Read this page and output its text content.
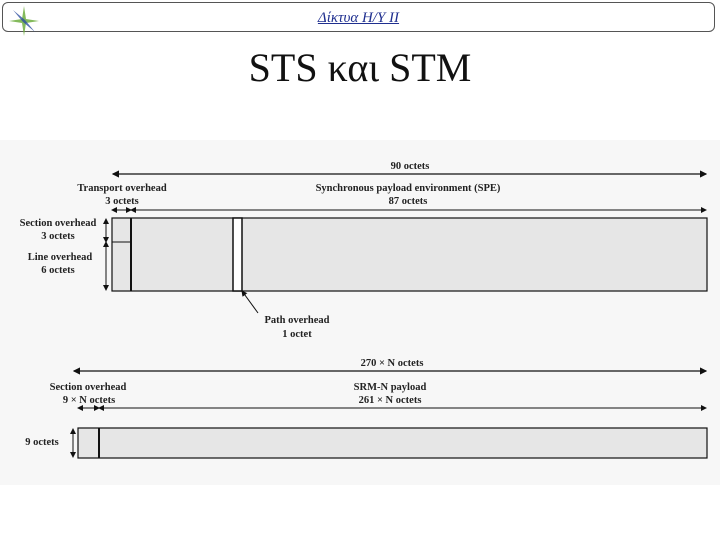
Δίκτυα Η/Υ ΙΙ
STS και STM
90 octets
Transport overhead
3 octets
Synchronous payload environment (SPE)
87 octets
Section overhead
3 octets
Line overhead
6 octets
Path overhead
1 octet
270 × N octets
Section overhead
9 × N octets
SRM-N payload
261 × N octets
9 octets
